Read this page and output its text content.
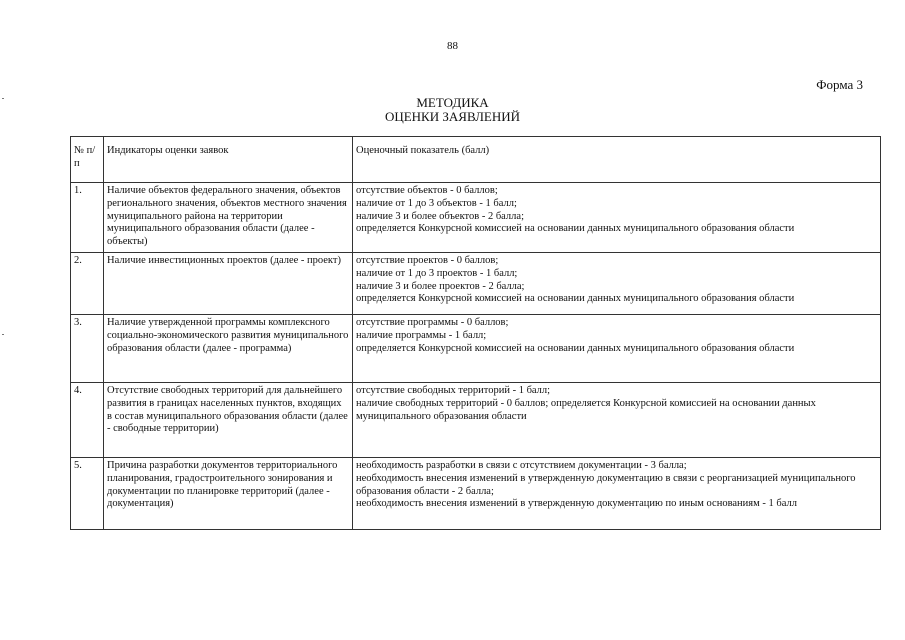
88
Форма 3
МЕТОДИКА
ОЦЕНКИ ЗАЯВЛЕНИЙ
№ п/п	Индикаторы оценки заявок	Оценочный показатель (балл)
1.	Наличие объектов федерального значения, объектов регионального значения, объектов местного значения муниципального района на территории муниципального образования области (далее - объекты)	отсутствие объектов - 0 баллов;
наличие от 1 до 3 объектов - 1 балл;
наличие 3 и более объектов - 2 балла;
определяется Конкурсной комиссией на основании данных муниципального образования области

2.	Наличие инвестиционных проектов (далее - проект)	отсутствие проектов - 0 баллов;
наличие от 1 до 3 проектов - 1 балл;
наличие 3 и более проектов - 2 балла;
определяется Конкурсной комиссией на основании данных муниципального образования области

3.	Наличие утвержденной программы комплексного социально-экономического развития муниципального образования области (далее - программа)	отсутствие программы - 0 баллов;
наличие программы - 1 балл;
определяется Конкурсной комиссией на основании данных муниципального образования области

4.	Отсутствие свободных территорий для дальнейшего развития в границах населенных пунктов, входящих в состав муниципального образования области (далее - свободные территории)	отсутствие свободных территорий - 1 балл;
наличие свободных территорий - 0 баллов; определяется Конкурсной комиссией на основании данных муниципального образования области

5.	Причина разработки документов территориального планирования, градостроительного зонирования и документации по планировке территорий (далее - документация)	необходимость разработки в связи с отсутствием документации - 3 балла;
необходимость внесения изменений в утвержденную документацию в связи с реорганизацией муниципального образования области - 2 балла;
необходимость внесения изменений в утвержденную документацию по иным основаниям - 1 балл
